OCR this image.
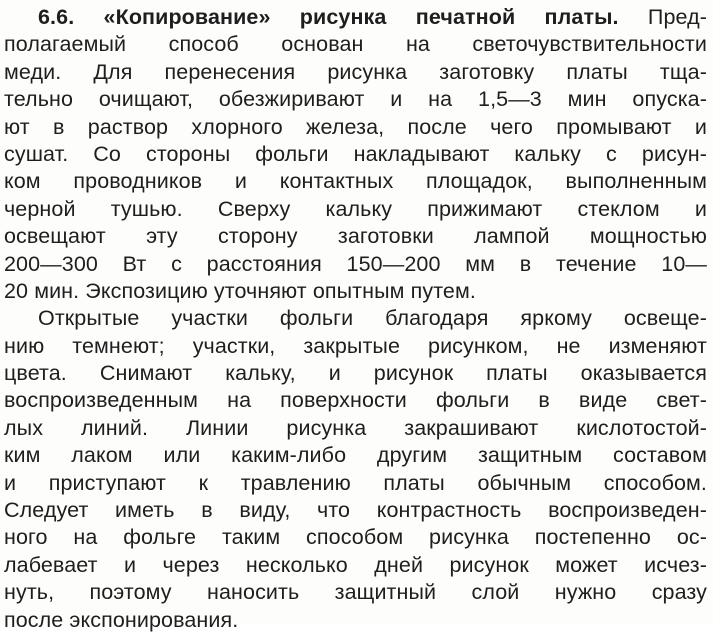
6.6. «Копирование» рисунка печатной платы. Пред-
полагаемый способ основан на светочувствительности
меди. Для перенесения рисунка заготовку платы тща-
тельно очищают, обезжиривают и на 1,5—3 мин опуска-
ют в раствор хлорного железа, после чего промывают и
сушат. Со стороны фольги накладывают кальку с рисун-
ком проводников и контактных площадок, выполненным
черной тушью. Сверху кальку прижимают стеклом и
освещают эту сторону заготовки лампой мощностью
200—300 Вт с расстояния 150—200 мм в течение 10—
20 мин. Экспозицию уточняют опытным путем.
Открытые участки фольги благодаря яркому освеще-
нию темнеют; участки, закрытые рисунком, не изменяют
цвета. Снимают кальку, и рисунок платы оказывается
воспроизведенным на поверхности фольги в виде свет-
лых линий. Линии рисунка закрашивают кислотостой-
ким лаком или каким-либо другим защитным составом
и приступают к травлению платы обычным способом.
Следует иметь в виду, что контрастность воспроизведен-
ного на фольге таким способом рисунка постепенно ос-
лабевает и через несколько дней рисунок может исчез-
нуть, поэтому наносить защитный слой нужно сразу
после экспонирования.
